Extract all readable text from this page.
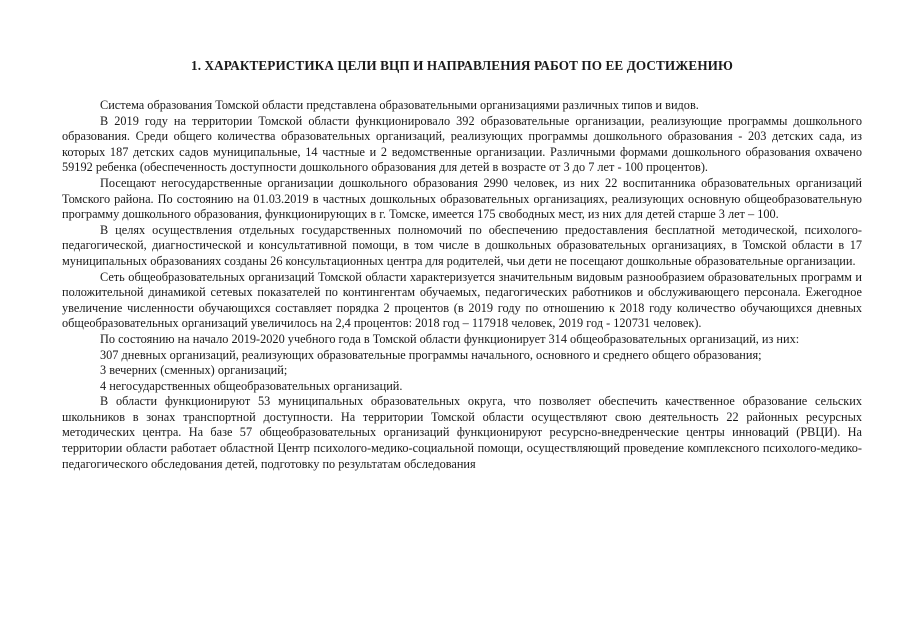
1. ХАРАКТЕРИСТИКА ЦЕЛИ ВЦП И НАПРАВЛЕНИЯ РАБОТ ПО ЕЕ ДОСТИЖЕНИЮ

Система образования Томской области представлена образовательными организациями различных типов и видов.

В 2019 году на территории Томской области функционировало 392 образовательные организации, реализующие программы дошкольного образования. Среди общего количества образовательных организаций, реализующих программы дошкольного образования - 203 детских сада, из которых 187 детских садов муниципальные, 14 частные и 2 ведомственные организации. Различными формами дошкольного образования охвачено 59192 ребенка (обеспеченность доступности дошкольного образования для детей в возрасте от 3 до 7 лет - 100 процентов).

Посещают негосударственные организации дошкольного образования 2990 человек, из них 22 воспитанника образовательных организаций Томского района. По состоянию на 01.03.2019 в частных дошкольных образовательных организациях, реализующих основную общеобразовательную программу дошкольного образования, функционирующих в г. Томске, имеется 175 свободных мест, из них для детей старше 3 лет – 100.

В целях осуществления отдельных государственных полномочий по обеспечению предоставления бесплатной методической, психолого-педагогической, диагностической и консультативной помощи, в том числе в дошкольных образовательных организациях, в Томской области в 17 муниципальных образованиях созданы 26 консультационных центра для родителей, чьи дети не посещают дошкольные образовательные организации.

Сеть общеобразовательных организаций Томской области характеризуется значительным видовым разнообразием образовательных программ и положительной динамикой сетевых показателей по контингентам обучаемых, педагогических работников и обслуживающего персонала. Ежегодное увеличение численности обучающихся составляет порядка 2 процентов (в 2019 году по отношению к 2018 году количество обучающихся дневных общеобразовательных организаций увеличилось на 2,4 процентов: 2018 год – 117918 человек, 2019 год - 120731 человек).

По состоянию на начало 2019-2020 учебного года в Томской области функционирует 314 общеобразовательных организаций, из них:

307 дневных организаций, реализующих образовательные программы начального, основного и среднего общего образования;

3 вечерних (сменных) организаций;

4 негосударственных общеобразовательных организаций.

В области функционируют 53 муниципальных образовательных округа, что позволяет обеспечить качественное образование сельских школьников в зонах транспортной доступности. На территории Томской области осуществляют свою деятельность 22 районных ресурсных методических центра. На базе 57 общеобразовательных организаций функционируют ресурсно-внедренческие центры инноваций (РВЦИ). На территории области работает областной Центр психолого-медико-социальной помощи, осуществляющий проведение комплексного психолого-медико-педагогического обследования детей, подготовку по результатам обследования
